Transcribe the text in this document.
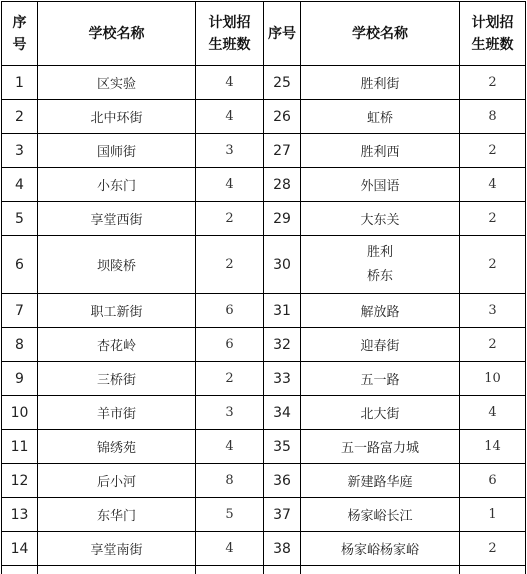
序
号	学校名称	计划招
生班数	序号	学校名称	计划招
生班数

1	区实验	4	25	胜利街	2
2	北中环街	4	26	虹桥	8
3	国师街	3	27	胜利西	2
4	小东门	4	28	外国语	4
5	享堂西街	2	29	大东关	2
6	坝陵桥	2	30	胜利
桥东	2
7	职工新街	6	31	解放路	3
8	杏花岭	6	32	迎春街	2
9	三桥街	2	33	五一路	10
10	羊市街	3	34	北大街	4
11	锦绣苑	4	35	五一路富力城	14
12	后小河	8	36	新建路华庭	6
13	东华门	5	37	杨家峪长江	1
14	享堂南街	4	38	杨家峪杨家峪	2
